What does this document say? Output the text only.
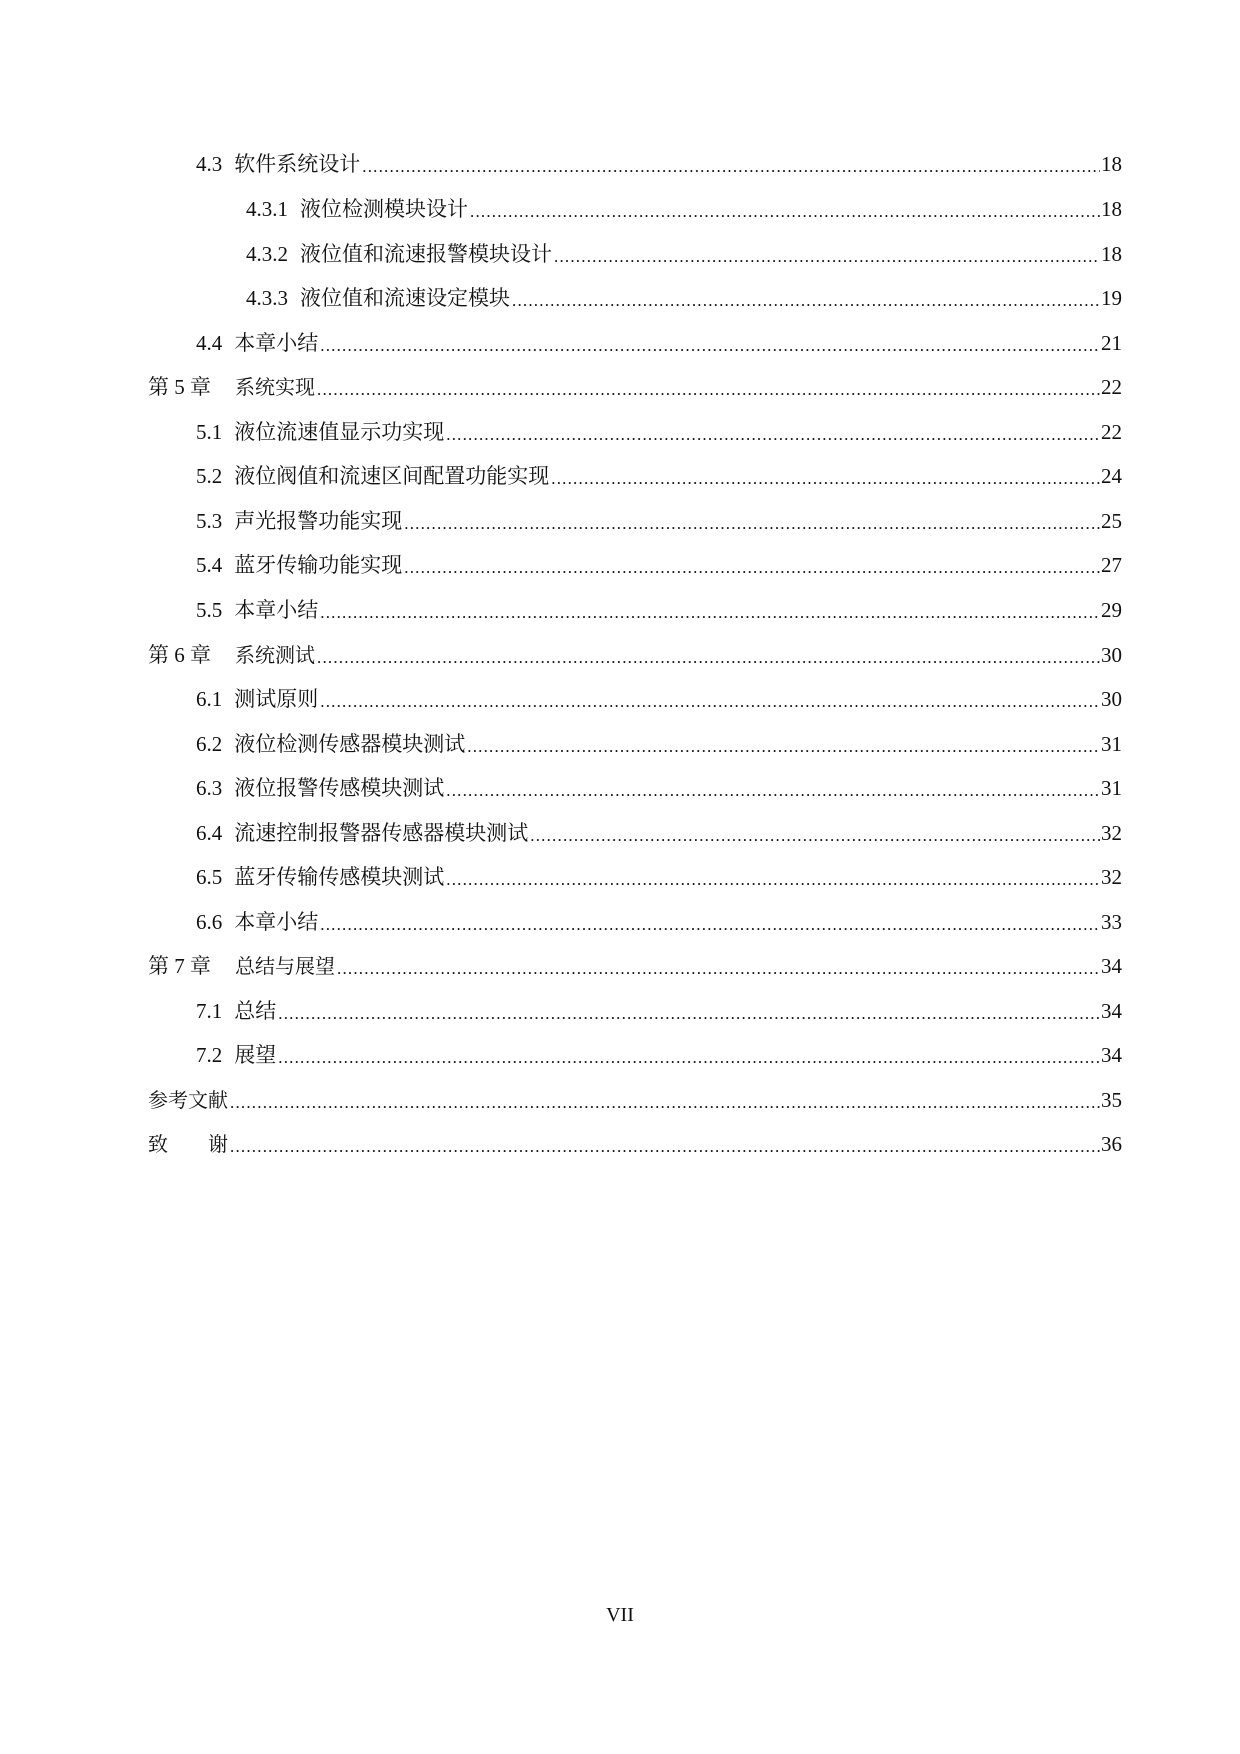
4.3 软件系统设计 .....	18
4.3.1 液位检测模块设计 .....	18
4.3.2 液位值和流速报警模块设计 .....	18
4.3.3 液位值和流速设定模块 .....	19
4.4 本章小结 .....	21
第 5 章 系统实现 .....	22
5.1 液位流速值显示功实现 .....	22
5.2 液位阀值和流速区间配置功能实现 .....	24
5.3 声光报警功能实现 .....	25
5.4 蓝牙传输功能实现 .....	27
5.5 本章小结 .....	29
第 6 章 系统测试 .....	30
6.1 测试原则 .....	30
6.2 液位检测传感器模块测试 .....	31
6.3 液位报警传感模块测试 .....	31
6.4 流速控制报警器传感器模块测试 .....	32
6.5 蓝牙传输传感模块测试 .....	32
6.6 本章小结 .....	33
第 7 章 总结与展望 .....	34
7.1 总结 .....	34
7.2 展望 .....	34
参考文献 .....	35
致　　谢 .....	36
VII
